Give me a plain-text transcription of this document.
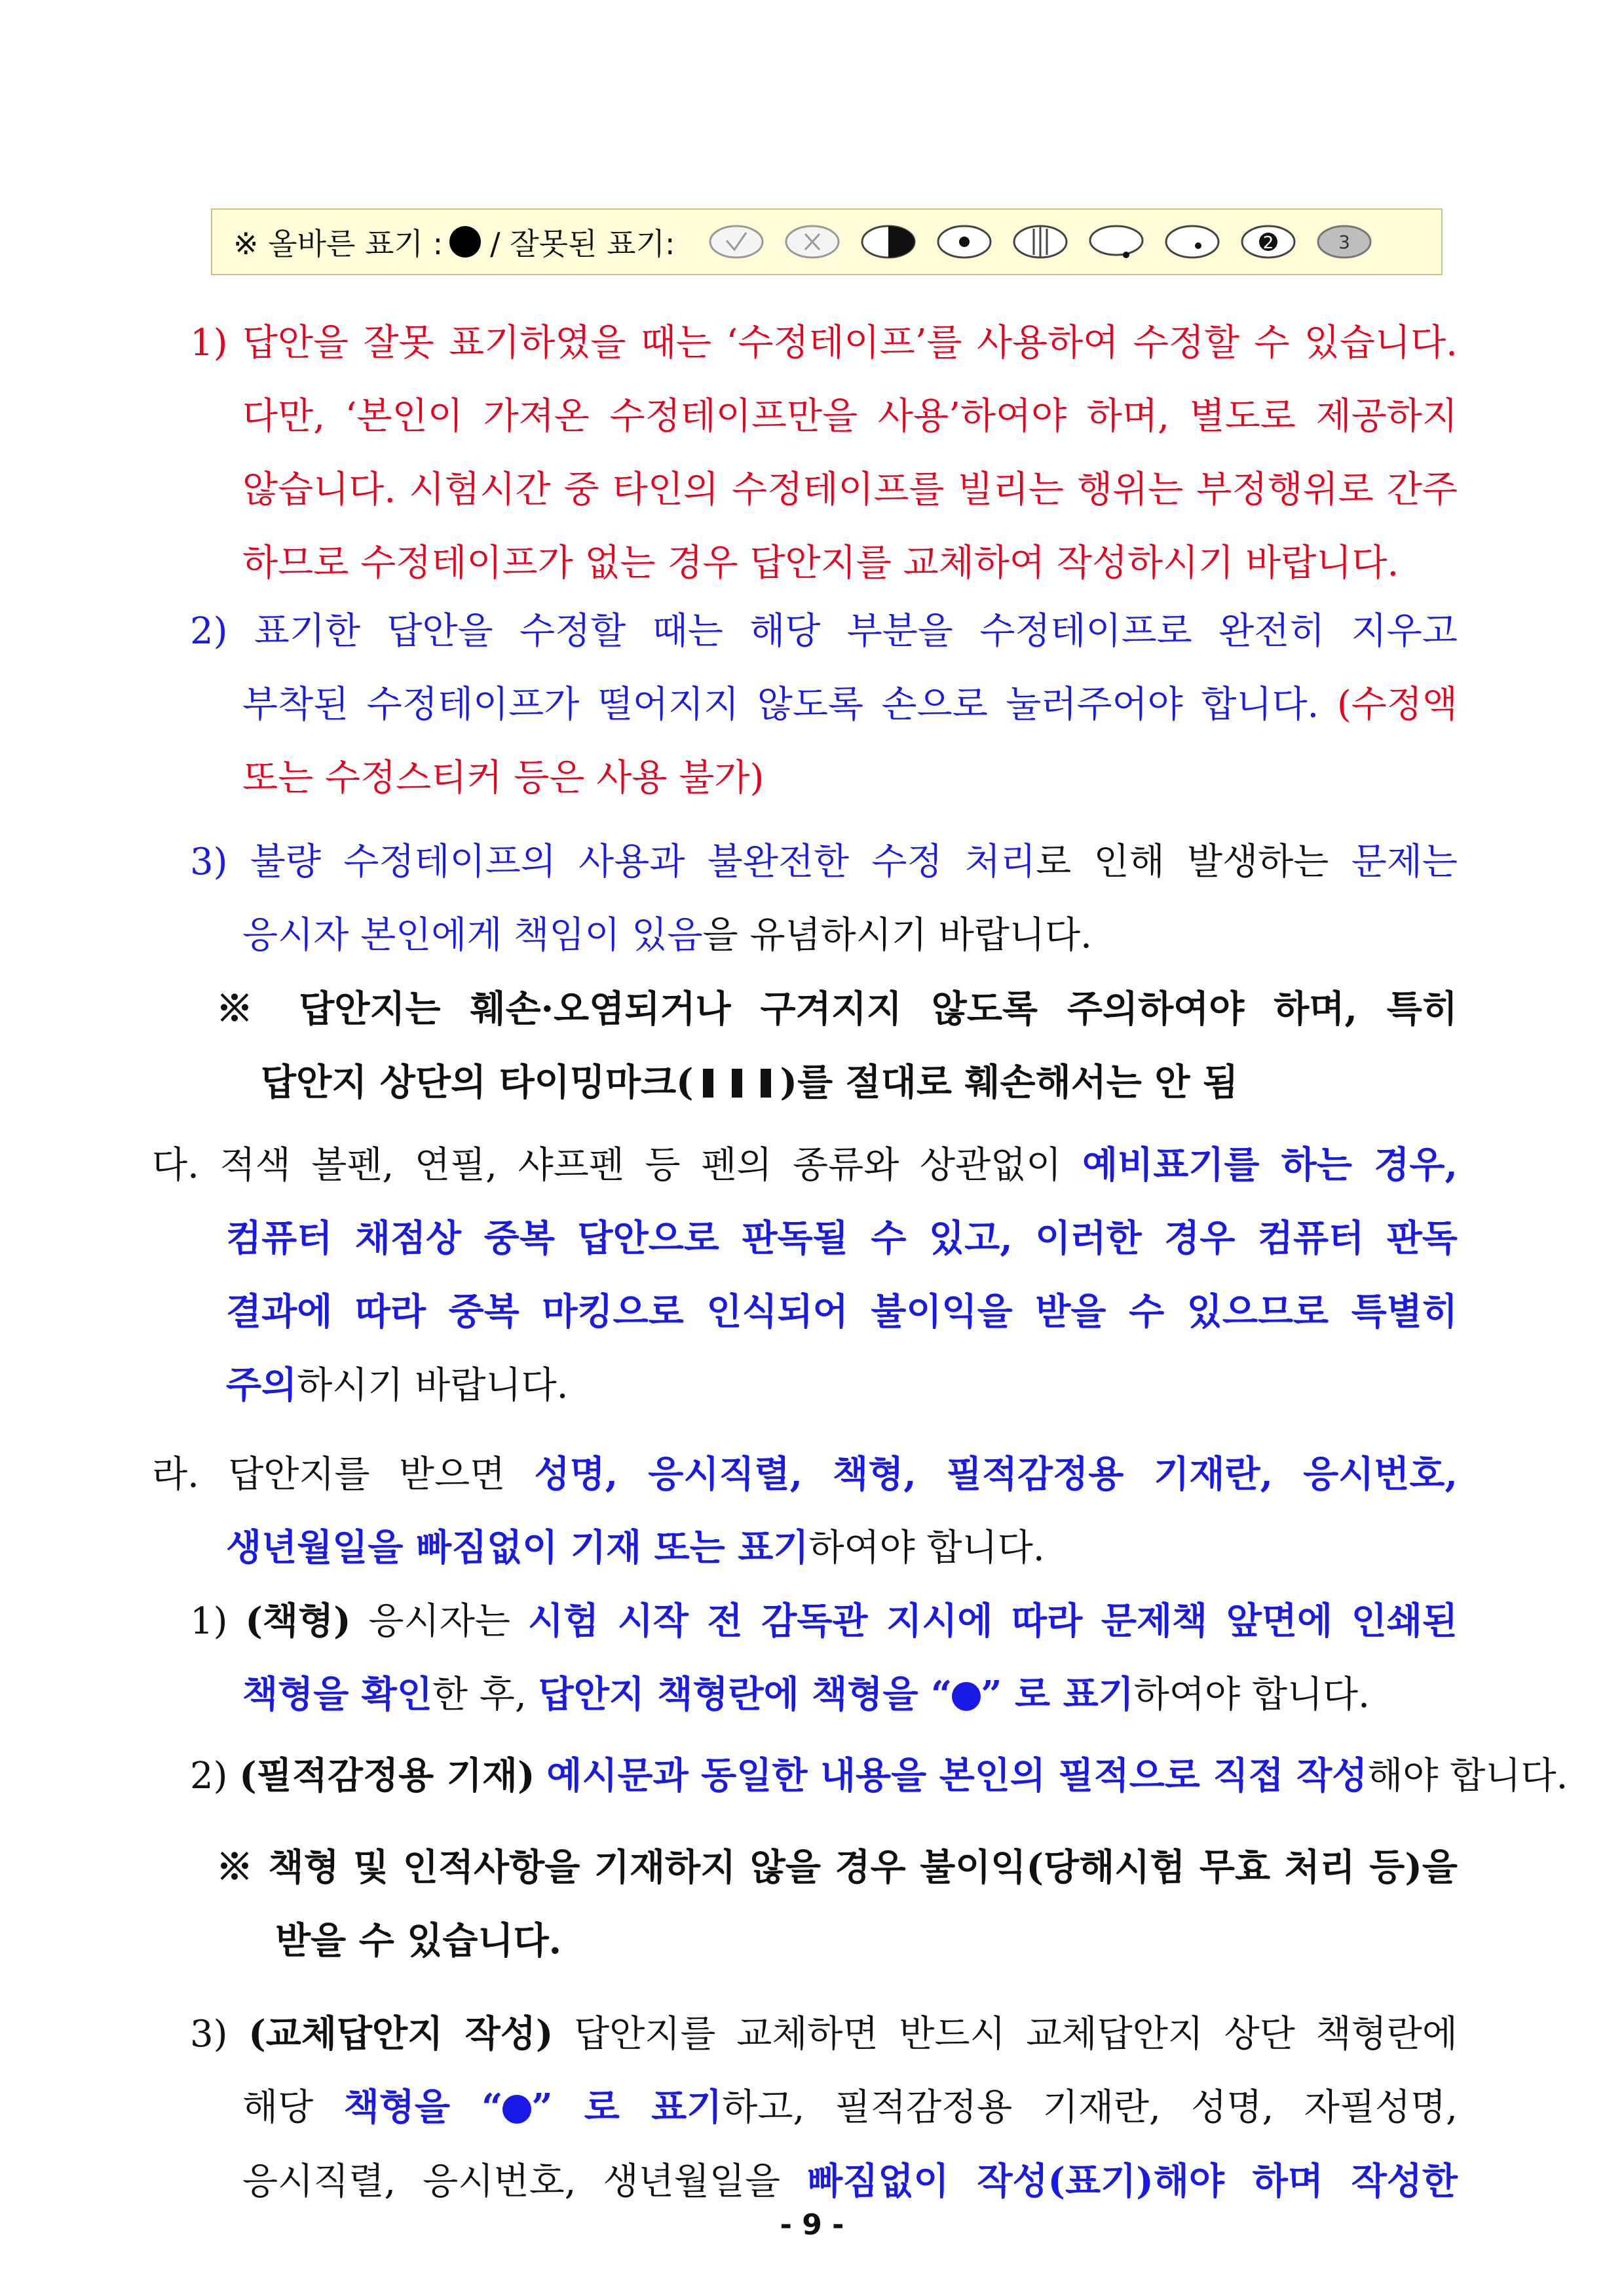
※ 올바른 표기 : / 잘못된 표기:	2	3
1) 답안을 잘못 표기하였을 때는 ‘수정테이프’를 사용하여 수정할 수 있습니다.
다만, ‘본인이 가져온 수정테이프만을 사용’하여야 하며, 별도로 제공하지
않습니다. 시험시간 중 타인의 수정테이프를 빌리는 행위는 부정행위로 간주
하므로 수정테이프가 없는 경우 답안지를 교체하여 작성하시기 바랍니다.
2) 표기한 답안을 수정할 때는 해당 부분을 수정테이프로 완전히 지우고
부착된 수정테이프가 떨어지지 않도록 손으로 눌러주어야 합니다. (수정액
또는 수정스티커 등은 사용 불가)
3) 불량 수정테이프의 사용과 불완전한 수정 처리로 인해 발생하는 문제는
응시자 본인에게 책임이 있음을 유념하시기 바랍니다.
※ 답안지는 훼손·오염되거나 구겨지지 않도록 주의하여야 하며, 특히
답안지 상단의 타이밍마크( )를 절대로 훼손해서는 안 됨
다. 적색 볼펜, 연필, 샤프펜 등 펜의 종류와 상관없이 예비표기를 하는 경우,
컴퓨터 채점상 중복 답안으로 판독될 수 있고, 이러한 경우 컴퓨터 판독
결과에 따라 중복 마킹으로 인식되어 불이익을 받을 수 있으므로 특별히
주의하시기 바랍니다.
라. 답안지를 받으면 성명, 응시직렬, 책형, 필적감정용 기재란, 응시번호,
생년월일을 빠짐없이 기재 또는 표기하여야 합니다.
1) (책형) 응시자는 시험 시작 전 감독관 지시에 따라 문제책 앞면에 인쇄된
책형을 확인한 후, 답안지 책형란에 책형을 “ ” 로 표기하여야 합니다.
2) (필적감정용 기재) 예시문과 동일한 내용을 본인의 필적으로 직접 작성해야 합니다.
※ 책형 및 인적사항을 기재하지 않을 경우 불이익(당해시험 무효 처리 등)을
받을 수 있습니다.
3) (교체답안지 작성) 답안지를 교체하면 반드시 교체답안지 상단 책형란에
해당 책형을 “ ” 로 표기하고, 필적감정용 기재란, 성명, 자필성명,
응시직렬, 응시번호, 생년월일을 빠짐없이 작성(표기)해야 하며 작성한
- 9 -
